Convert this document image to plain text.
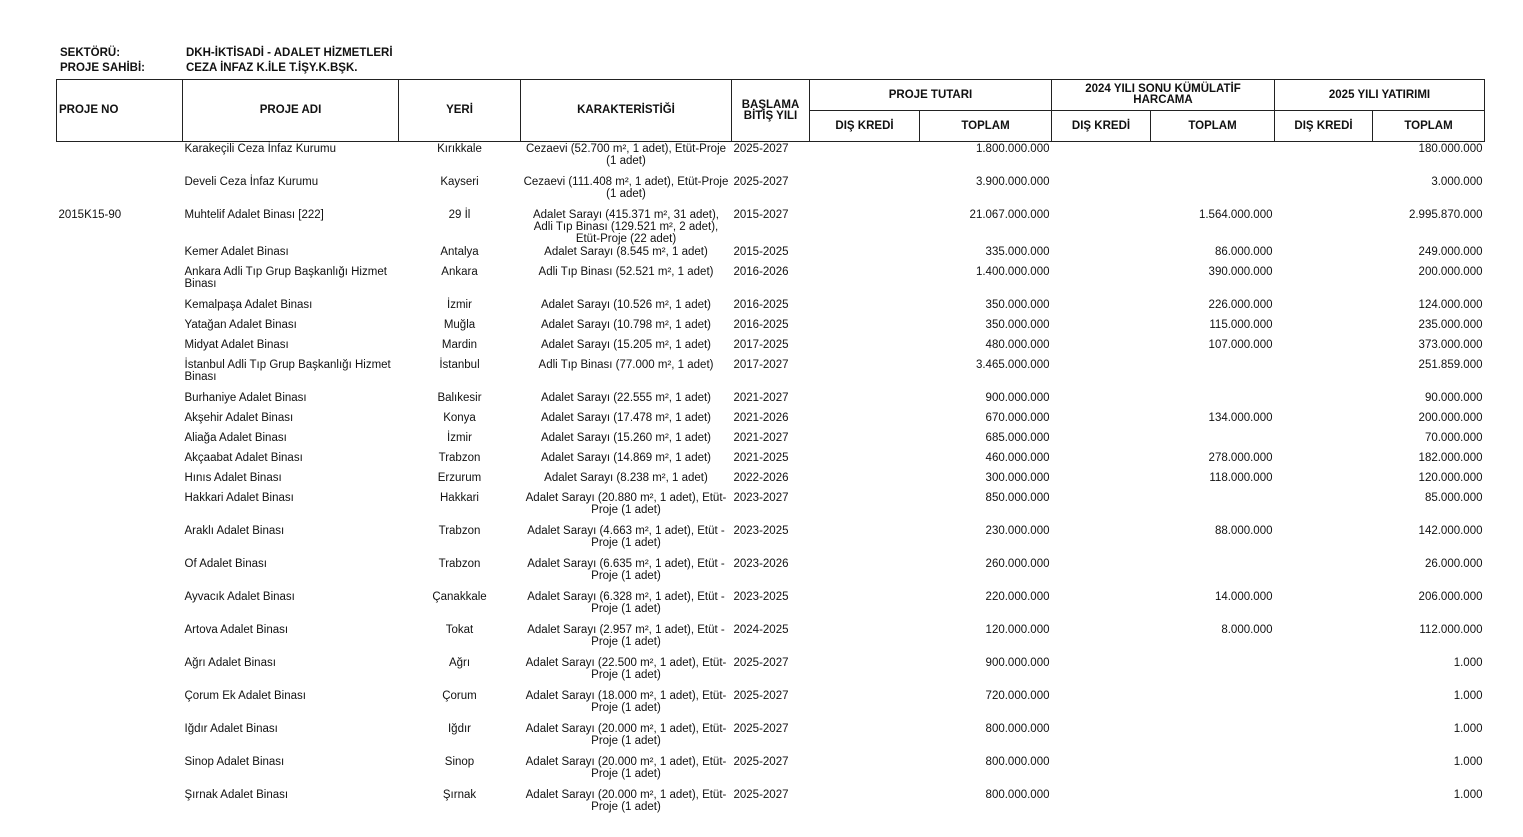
SEKTÖRÜ:	DKH-İKTİSADİ - ADALET HİZMETLERİ
PROJE SAHİBİ:	CEZA İNFAZ K.İLE T.İŞY.K.BŞK.
PROJE NO	PROJE ADI	YERİ	KARAKTERİSTİĞİ	BAŞLAMA BİTİŞ YILI	PROJE TUTARI		2024 YILI SONU KÜMÜLATİF HARCAMA		2025 YILI YATIRIMI	
					DIŞ KREDİ	TOPLAM	DIŞ KREDİ	TOPLAM	DIŞ KREDİ	TOPLAM
	Karakeçili Ceza İnfaz Kurumu	Kırıkkale	Cezaevi (52.700 m², 1 adet), Etüt-Proje (1 adet)	2025-2027		1.800.000.000				180.000.000
	Develi Ceza İnfaz Kurumu	Kayseri	Cezaevi (111.408 m², 1 adet), Etüt-Proje (1 adet)	2025-2027		3.900.000.000				3.000.000
2015K15-90	Muhtelif Adalet Binası [222]	29 İl	Adalet Sarayı (415.371 m², 31 adet), Adli Tıp Binası (129.521 m², 2 adet), Etüt-Proje (22 adet)	2015-2027		21.067.000.000		1.564.000.000		2.995.870.000
	Kemer Adalet Binası	Antalya	Adalet Sarayı (8.545 m², 1 adet)	2015-2025		335.000.000		86.000.000		249.000.000
	Ankara Adli Tıp Grup Başkanlığı Hizmet Binası	Ankara	Adli Tıp Binası (52.521 m², 1 adet)	2016-2026		1.400.000.000		390.000.000		200.000.000
	Kemalpaşa Adalet Binası	İzmir	Adalet Sarayı (10.526 m², 1 adet)	2016-2025		350.000.000		226.000.000		124.000.000
	Yatağan Adalet Binası	Muğla	Adalet Sarayı (10.798 m², 1 adet)	2016-2025		350.000.000		115.000.000		235.000.000
	Midyat Adalet Binası	Mardin	Adalet Sarayı (15.205 m², 1 adet)	2017-2025		480.000.000		107.000.000		373.000.000
	İstanbul Adli Tıp Grup Başkanlığı Hizmet Binası	İstanbul	Adli Tıp Binası (77.000 m², 1 adet)	2017-2027		3.465.000.000				251.859.000
	Burhaniye Adalet Binası	Balıkesir	Adalet Sarayı (22.555 m², 1 adet)	2021-2027		900.000.000				90.000.000
	Akşehir Adalet Binası	Konya	Adalet Sarayı (17.478 m², 1 adet)	2021-2026		670.000.000		134.000.000		200.000.000
	Aliağa Adalet Binası	İzmir	Adalet Sarayı (15.260 m², 1 adet)	2021-2027		685.000.000				70.000.000
	Akçaabat Adalet Binası	Trabzon	Adalet Sarayı (14.869 m², 1 adet)	2021-2025		460.000.000		278.000.000		182.000.000
	Hınıs Adalet Binası	Erzurum	Adalet Sarayı (8.238 m², 1 adet)	2022-2026		300.000.000		118.000.000		120.000.000
	Hakkari Adalet Binası	Hakkari	Adalet Sarayı (20.880 m², 1 adet), Etüt-Proje (1 adet)	2023-2027		850.000.000				85.000.000
	Araklı Adalet Binası	Trabzon	Adalet Sarayı (4.663 m², 1 adet), Etüt -Proje (1 adet)	2023-2025		230.000.000		88.000.000		142.000.000
	Of Adalet Binası	Trabzon	Adalet Sarayı (6.635 m², 1 adet), Etüt -Proje (1 adet)	2023-2026		260.000.000				26.000.000
	Ayvacık Adalet Binası	Çanakkale	Adalet Sarayı (6.328 m², 1 adet), Etüt -Proje (1 adet)	2023-2025		220.000.000		14.000.000		206.000.000
	Artova Adalet Binası	Tokat	Adalet Sarayı (2.957 m², 1 adet), Etüt -Proje (1 adet)	2024-2025		120.000.000		8.000.000		112.000.000
	Ağrı Adalet Binası	Ağrı	Adalet Sarayı (22.500 m², 1 adet), Etüt-Proje (1 adet)	2025-2027		900.000.000				1.000
	Çorum Ek Adalet Binası	Çorum	Adalet Sarayı (18.000 m², 1 adet), Etüt-Proje (1 adet)	2025-2027		720.000.000				1.000
	Iğdır Adalet Binası	Iğdır	Adalet Sarayı (20.000 m², 1 adet), Etüt-Proje (1 adet)	2025-2027		800.000.000				1.000
	Sinop Adalet Binası	Sinop	Adalet Sarayı (20.000 m², 1 adet), Etüt-Proje (1 adet)	2025-2027		800.000.000				1.000
	Şırnak Adalet Binası	Şırnak	Adalet Sarayı (20.000 m², 1 adet), Etüt-Proje (1 adet)	2025-2027		800.000.000				1.000
